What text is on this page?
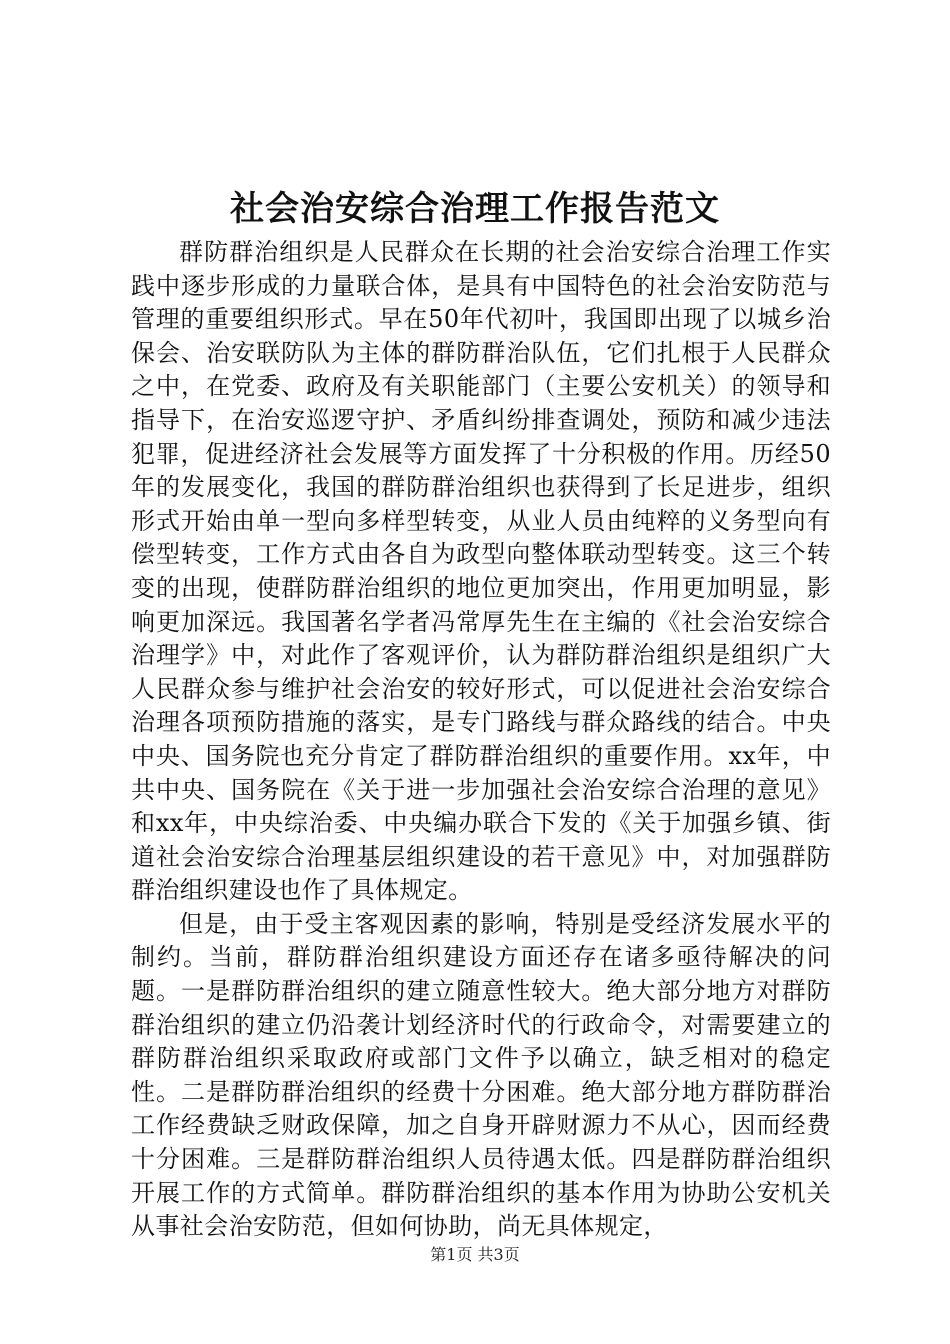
社会治安综合治理工作报告范文

群防群治组织是人民群众在长期的社会治安综合治理工作实践中逐步形成的力量联合体，是具有中国特色的社会治安防范与管理的重要组织形式。早在50年代初叶，我国即出现了以城乡治保会、治安联防队为主体的群防群治队伍，它们扎根于人民群众之中，在党委、政府及有关职能部门（主要公安机关）的领导和指导下，在治安巡逻守护、矛盾纠纷排查调处，预防和减少违法犯罪，促进经济社会发展等方面发挥了十分积极的作用。历经50年的发展变化，我国的群防群治组织也获得到了长足进步，组织形式开始由单一型向多样型转变，从业人员由纯粹的义务型向有偿型转变，工作方式由各自为政型向整体联动型转变。这三个转变的出现，使群防群治组织的地位更加突出，作用更加明显，影响更加深远。我国著名学者冯常厚先生在主编的《社会治安综合治理学》中，对此作了客观评价，认为群防群治组织是组织广大人民群众参与维护社会治安的较好形式，可以促进社会治安综合治理各项预防措施的落实，是专门路线与群众路线的结合。中央中央、国务院也充分肯定了群防群治组织的重要作用。xx年，中共中央、国务院在《关于进一步加强社会治安综合治理的意见》和xx年，中央综治委、中央编办联合下发的《关于加强乡镇、街道社会治安综合治理基层组织建设的若干意见》中，对加强群防群治组织建设也作了具体规定。

但是，由于受主客观因素的影响，特别是受经济发展水平的制约。当前，群防群治组织建设方面还存在诸多亟待解决的问题。一是群防群治组织的建立随意性较大。绝大部分地方对群防群治组织的建立仍沿袭计划经济时代的行政命令，对需要建立的群防群治组织采取政府或部门文件予以确立，缺乏相对的稳定性。二是群防群治组织的经费十分困难。绝大部分地方群防群治工作经费缺乏财政保障，加之自身开辟财源力不从心，因而经费十分困难。三是群防群治组织人员待遇太低。四是群防群治组织开展工作的方式简单。群防群治组织的基本作用为协助公安机关从事社会治安防范，但如何协助，尚无具体规定，

第1页 共3页
